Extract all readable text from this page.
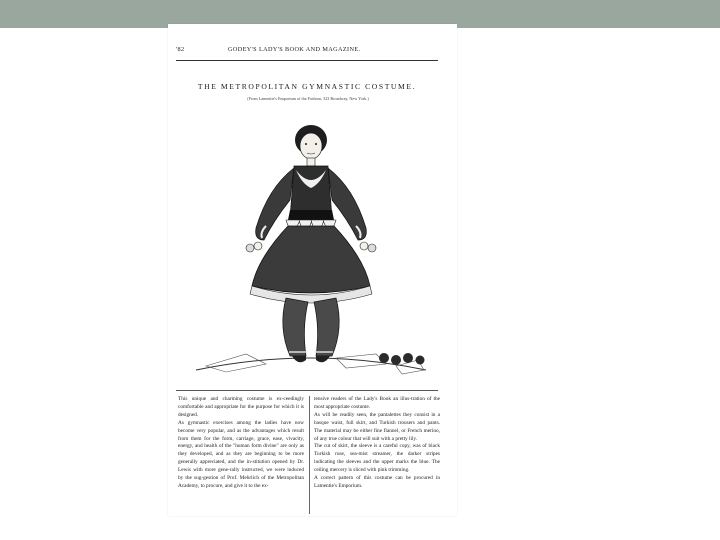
'82	GODEY'S LADY'S BOOK AND MAGAZINE.
THE METROPOLITAN GYMNASTIC COSTUME.
(From Lamentie's Emporium of the Fashion, 323 Broadway, New York.)

This unique and charming costume is ex-ceedingly comfortable and appropriate for the purpose for which it is designed.

As gymnastic exercises among the ladies have now become very popular, and as the advantages which result from them for the form, carriage, grace, ease, vivacity, energy, and health of the "human form divine" are only as they developed, and as they are beginning to be more generally appreciated, and the in-stitution opened by Dr. Lewis with more gene-rally instructed, we were induced by the sug-gestion of Prof. Mehrlich of the Metropolitan Academy, to procure, and give it to the ex-

tensive readers of the Lady's Book an illus-tration of the most appropriate costume.

As will be readily seen, the pantalettes they consist in a basque waist, full skirt, and Turkish trousers and pants. The material may be either fine flannel, or French merino, of any true colour that will suit with a pretty lily.

The cut of skirt, the sleeve is a careful copy, was of black Turkish ruse, sea-mist streamer, the darker stripes indicating the sleeves and the upper marks the blue. The ceiling mercery is sliced with pink trimming.

A correct pattern of this costume can be procured in Lamentie's Emporium.
